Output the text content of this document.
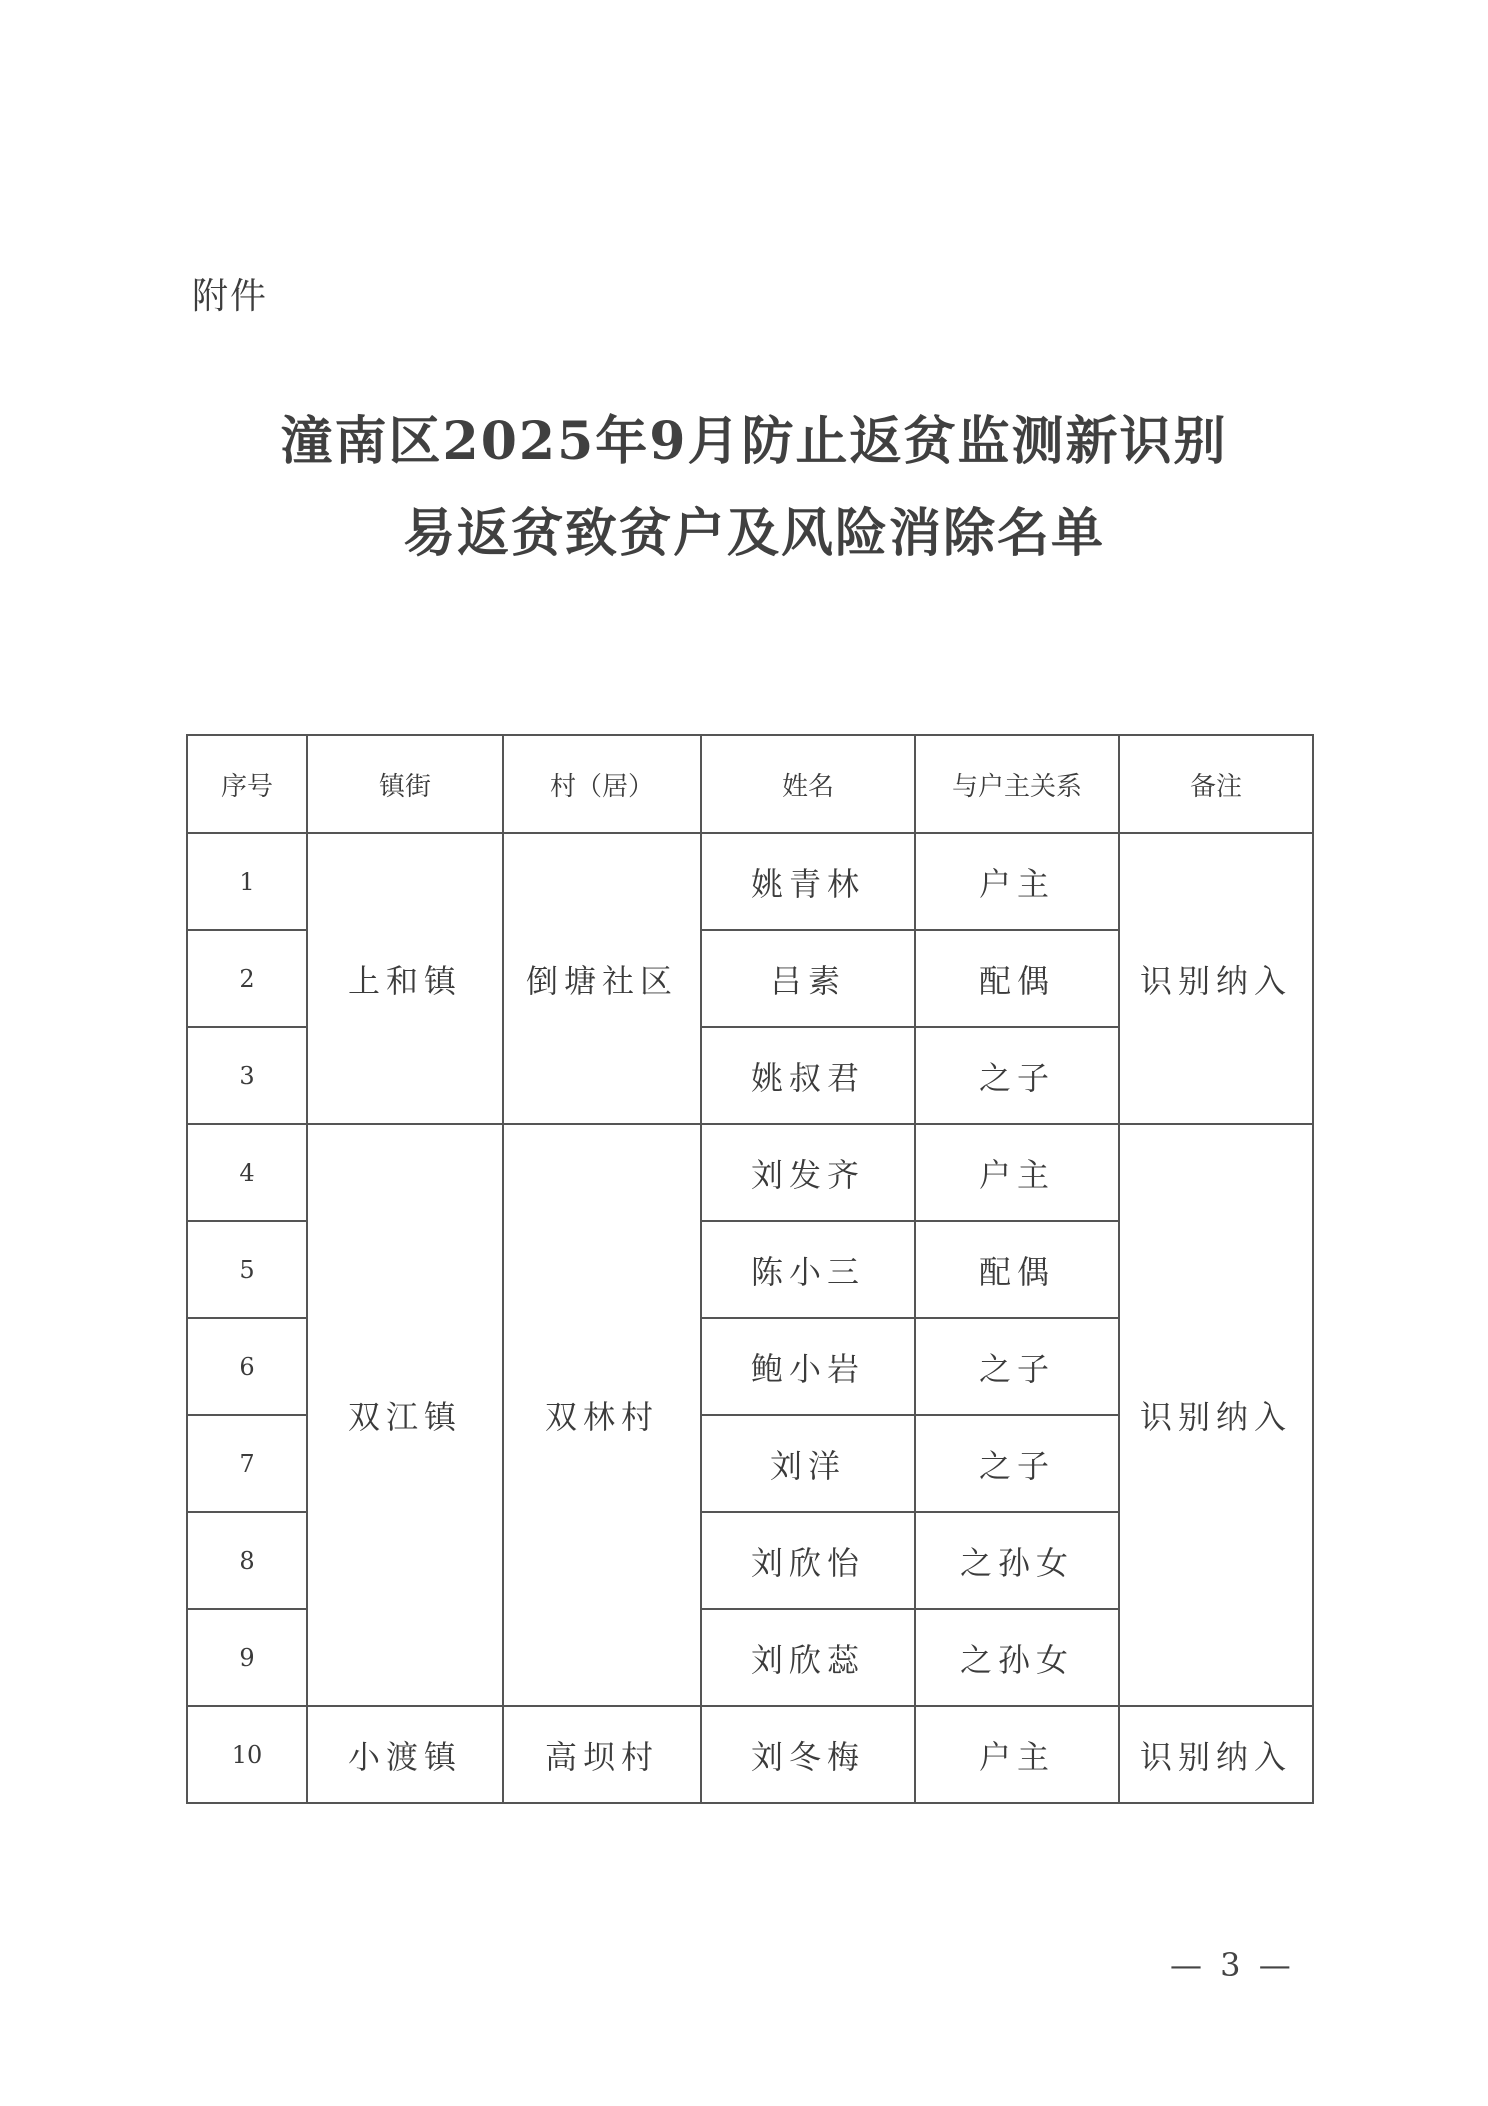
附件
潼南区2025年9月防止返贫监测新识别
易返贫致贫户及风险消除名单
序号	镇街	村（居）	姓名	与户主关系	备注
1	上和镇	倒塘社区	姚青林	户主	识别纳入
2			吕素	配偶	
3			姚叔君	之子	
4	双江镇	双林村	刘发齐	户主	识别纳入
5			陈小三	配偶	
6			鲍小岩	之子	
7			刘洋	之子	
8			刘欣怡	之孙女	
9			刘欣蕊	之孙女	
10	小渡镇	高坝村	刘冬梅	户主	识别纳入
— 3 —
